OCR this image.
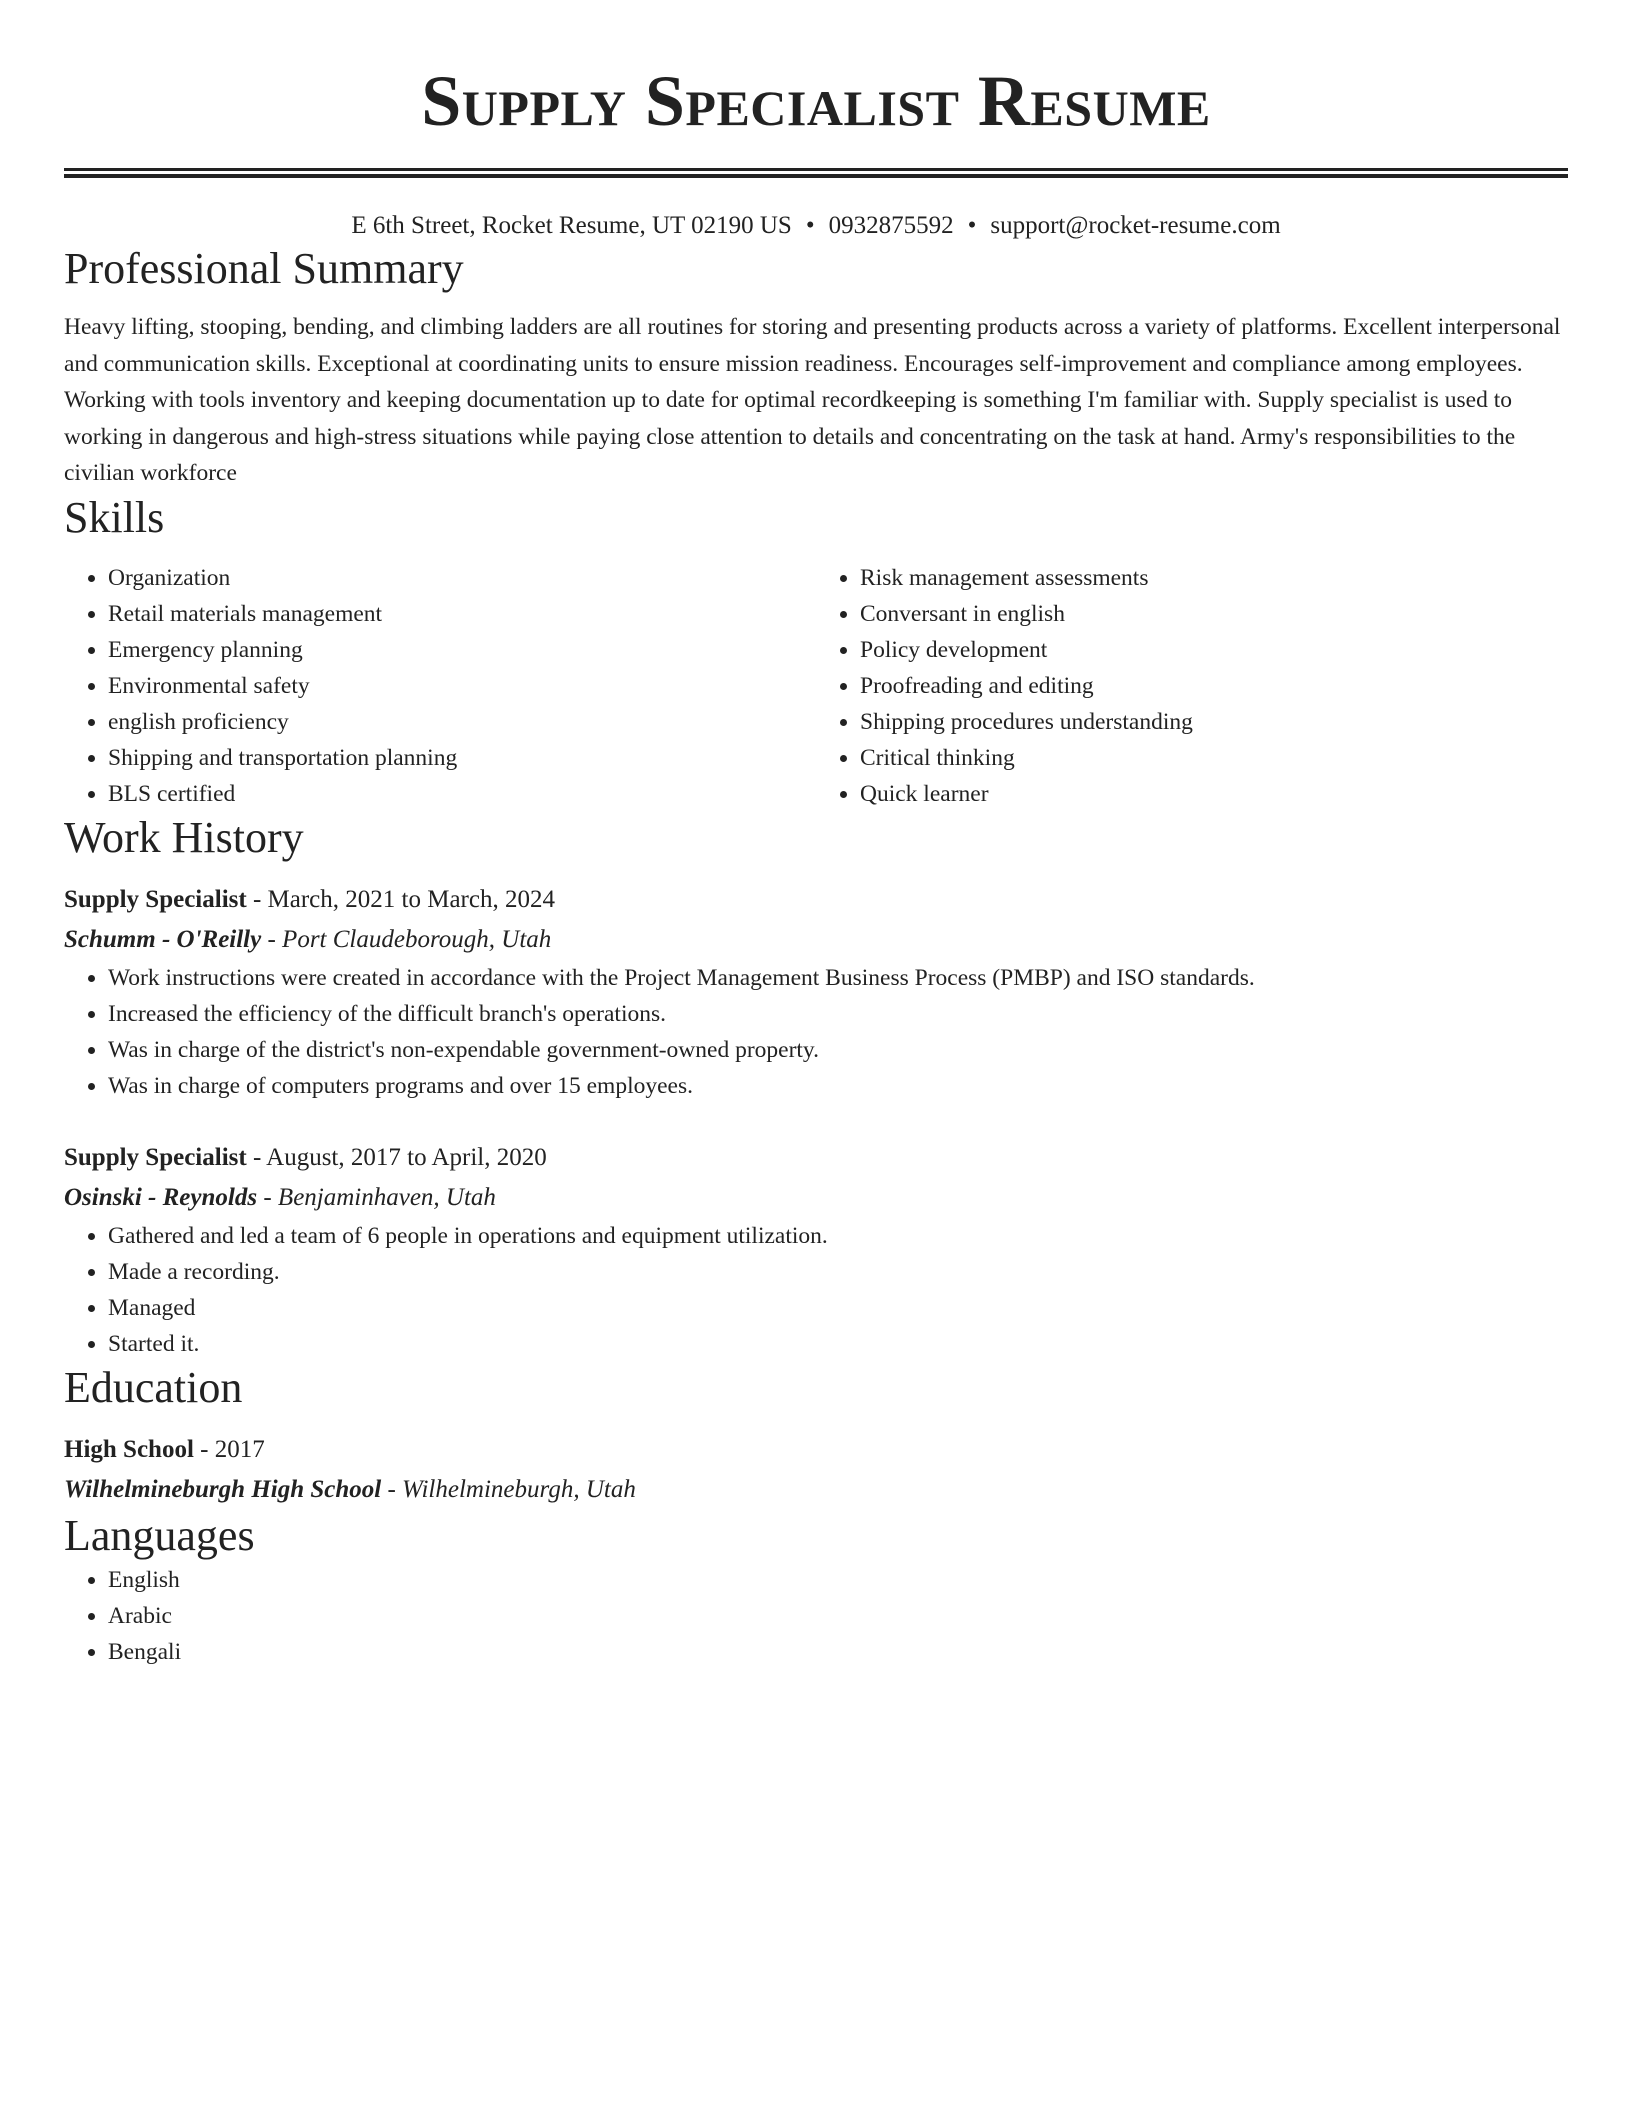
Supply Specialist Resume
E 6th Street, Rocket Resume, UT 02190 US • 0932875592 • support@rocket-resume.com
Professional Summary
Heavy lifting, stooping, bending, and climbing ladders are all routines for storing and presenting products across a variety of platforms. Excellent interpersonal and communication skills. Exceptional at coordinating units to ensure mission readiness. Encourages self-improvement and compliance among employees. Working with tools inventory and keeping documentation up to date for optimal recordkeeping is something I'm familiar with. Supply specialist is used to working in dangerous and high-stress situations while paying close attention to details and concentrating on the task at hand. Army's responsibilities to the civilian workforce
Skills
• Organization
• Retail materials management
• Emergency planning
• Environmental safety
• english proficiency
• Shipping and transportation planning
• BLS certified
• Risk management assessments
• Conversant in english
• Policy development
• Proofreading and editing
• Shipping procedures understanding
• Critical thinking
• Quick learner
Work History
Supply Specialist - March, 2021 to March, 2024
Schumm - O'Reilly - Port Claudeborough, Utah
• Work instructions were created in accordance with the Project Management Business Process (PMBP) and ISO standards.
• Increased the efficiency of the difficult branch's operations.
• Was in charge of the district's non-expendable government-owned property.
• Was in charge of computers programs and over 15 employees.
Supply Specialist - August, 2017 to April, 2020
Osinski - Reynolds - Benjaminhaven, Utah
• Gathered and led a team of 6 people in operations and equipment utilization.
• Made a recording.
• Managed
• Started it.
Education
High School - 2017
Wilhelmineburgh High School - Wilhelmineburgh, Utah
Languages
• English
• Arabic
• Bengali
